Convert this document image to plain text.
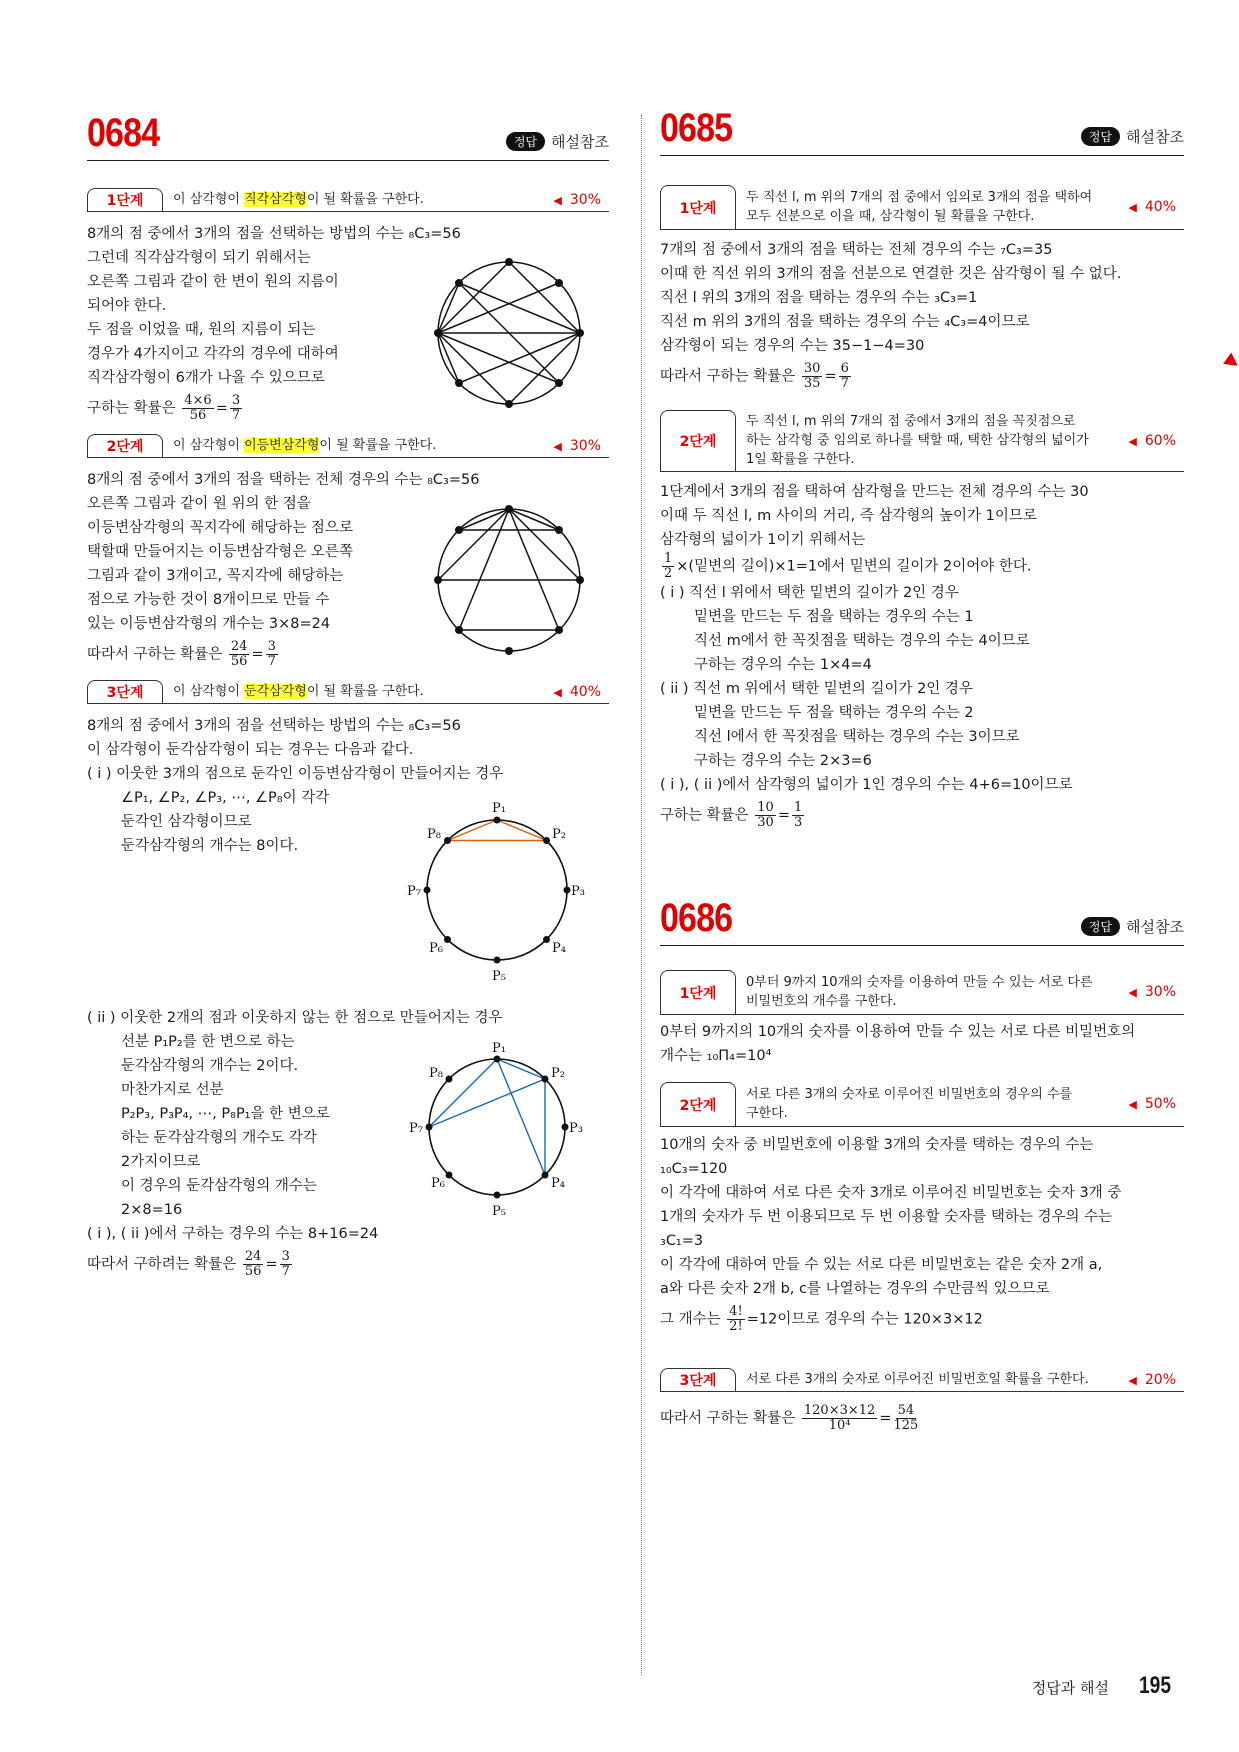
0684	정답 해설참조
1단계	이 삼각형이 직각삼각형이 될 확률을 구한다.	◀ 30%
8개의 점 중에서 3개의 점을 선택하는 방법의 수는 ₈C₃=56
그런데 직각삼각형이 되기 위해서는
오른쪽 그림과 같이 한 변이 원의 지름이
되어야 한다.
두 점을 이었을 때, 원의 지름이 되는
경우가 4가지이고 각각의 경우에 대하여
직각삼각형이 6개가 나올 수 있으므로
구하는 확률은 $\frac{4\times 6}{56} = \frac{3}{7}$
2단계	이 삼각형이 이등변삼각형이 될 확률을 구한다.	◀ 30%
8개의 점 중에서 3개의 점을 택하는 전체 경우의 수는 ₈C₃=56
오른쪽 그림과 같이 원 위의 한 점을
이등변삼각형의 꼭지각에 해당하는 점으로
택할때 만들어지는 이등변삼각형은 오른쪽
그림과 같이 3개이고, 꼭지각에 해당하는
점으로 가능한 것이 8개이므로 만들 수
있는 이등변삼각형의 개수는 3×8=24
따라서 구하는 확률은 $\frac{24}{56} = \frac{3}{7}$
3단계	이 삼각형이 둔각삼각형이 될 확률을 구한다.	◀ 40%
8개의 점 중에서 3개의 점을 선택하는 방법의 수는 ₈C₃=56
이 삼각형이 둔각삼각형이 되는 경우는 다음과 같다.
( i ) 이웃한 3개의 점으로 둔각인 이등변삼각형이 만들어지는 경우
∠P₁, ∠P₂, ∠P₃, ⋯, ∠P₈이 각각
둔각인 삼각형이므로
둔각삼각형의 개수는 8이다.
P₁
P₂
P₃
P₄
P₅
P₆
P₇
P₈
( ii ) 이웃한 2개의 점과 이웃하지 않는 한 점으로 만들어지는 경우
선분 P₁P₂를 한 변으로 하는
둔각삼각형의 개수는 2이다.
마찬가지로 선분
P₂P₃, P₃P₄, ⋯, P₈P₁을 한 변으로
하는 둔각삼각형의 개수도 각각
2가지이므로
이 경우의 둔각삼각형의 개수는
2×8=16
( i ), ( ii )에서 구하는 경우의 수는 8+16=24
따라서 구하려는 확률은 $\frac{24}{56} = \frac{3}{7}$
P₁
P₂
P₃
P₄
P₅
P₆
P₇
P₈
0685	정답 해설참조
1단계
두 직선 l, m 위의 7개의 점 중에서 임의로 3개의 점을 택하여
모두 선분으로 이을 때, 삼각형이 될 확률을 구한다.
◀ 40%
7개의 점 중에서 3개의 점을 택하는 전체 경우의 수는 ₇C₃=35
이때 한 직선 위의 3개의 점을 선분으로 연결한 것은 삼각형이 될 수 없다.
직선 l 위의 3개의 점을 택하는 경우의 수는 ₃C₃=1
직선 m 위의 3개의 점을 택하는 경우의 수는 ₄C₃=4이므로
삼각형이 되는 경우의 수는 35−1−4=30
따라서 구하는 확률은 $\frac{30}{35} = \frac{6}{7}$
2단계
두 직선 l, m 위의 7개의 점 중에서 3개의 점을 꼭짓점으로
하는 삼각형 중 임의로 하나를 택할 때, 택한 삼각형의 넓이가
1일 확률을 구한다.
◀ 60%
1단계에서 3개의 점을 택하여 삼각형을 만드는 전체 경우의 수는 30
이때 두 직선 l, m 사이의 거리, 즉 삼각형의 높이가 1이므로
삼각형의 넓이가 1이기 위해서는
$\frac{1}{2}$ ×(밑변의 길이)×1=1에서 밑변의 길이가 2이어야 한다.
( i ) 직선 l 위에서 택한 밑변의 길이가 2인 경우
밑변을 만드는 두 점을 택하는 경우의 수는 1
직선 m에서 한 꼭짓점을 택하는 경우의 수는 4이므로
구하는 경우의 수는 1×4=4
( ii ) 직선 m 위에서 택한 밑변의 길이가 2인 경우
밑변을 만드는 두 점을 택하는 경우의 수는 2
직선 l에서 한 꼭짓점을 택하는 경우의 수는 3이므로
구하는 경우의 수는 2×3=6
( i ), ( ii )에서 삼각형의 넓이가 1인 경우의 수는 4+6=10이므로
구하는 확률은 $\frac{10}{30} = \frac{1}{3}$
0686	정답 해설참조
1단계
0부터 9까지 10개의 숫자를 이용하여 만들 수 있는 서로 다른
비밀번호의 개수를 구한다.
◀ 30%
0부터 9까지의 10개의 숫자를 이용하여 만들 수 있는 서로 다른 비밀번호의
개수는 ₁₀Π₄=10⁴
2단계
서로 다른 3개의 숫자로 이루어진 비밀번호의 경우의 수를
구한다.
◀ 50%
10개의 숫자 중 비밀번호에 이용할 3개의 숫자를 택하는 경우의 수는
₁₀C₃=120
이 각각에 대하여 서로 다른 숫자 3개로 이루어진 비밀번호는 숫자 3개 중
1개의 숫자가 두 번 이용되므로 두 번 이용할 숫자를 택하는 경우의 수는
₃C₁=3
이 각각에 대하여 만들 수 있는 서로 다른 비밀번호는 같은 숫자 2개 a,
a와 다른 숫자 2개 b, c를 나열하는 경우의 수만큼씩 있으므로
그 개수는 $\frac{4!}{2!} =12$이므로 경우의 수는 120×3×12
3단계	서로 다른 3개의 숫자로 이루어진 비밀번호일 확률을 구한다.	◀ 20%
따라서 구하는 확률은 $\frac{120\times 3\times 12}{\text{10⁴}} = \frac{54}{125}$
정답과 해설 195
